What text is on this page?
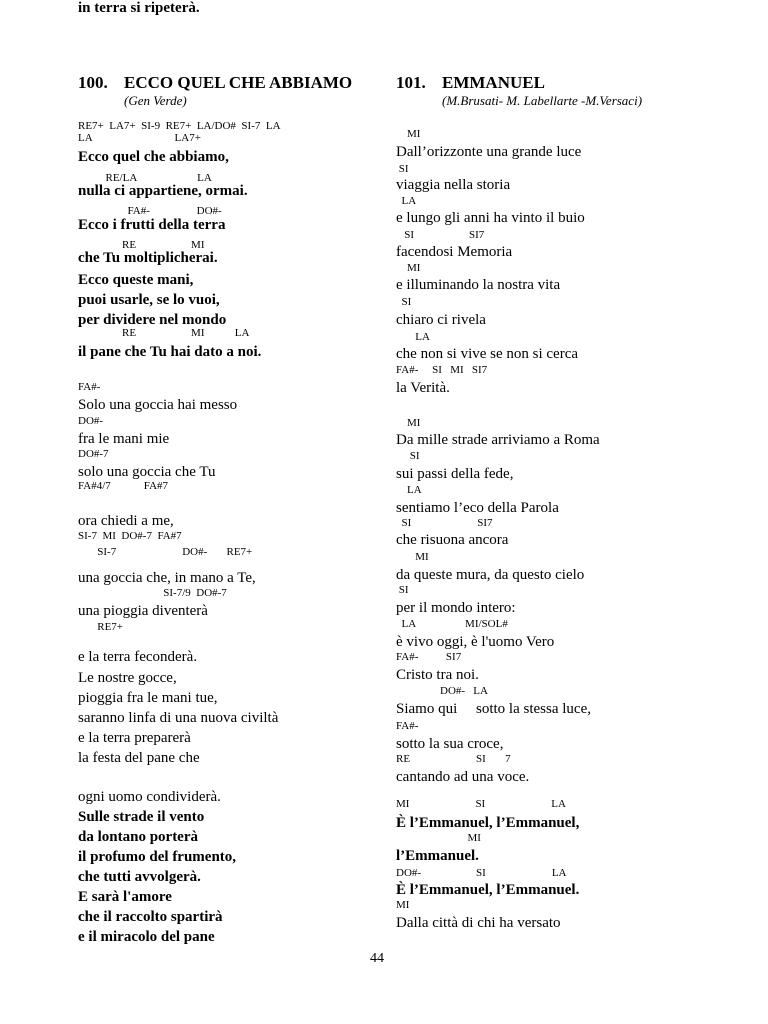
100. ECCO QUEL CHE ABBIAMO
(Gen Verde)
RE7+  LA7+  SI-9  RE7+  LA/DO#  SI-7  LA
LA                              LA7+
Ecco quel che abbiamo,
RE/LA                      LA
nulla ci appartiene, ormai.
FA#-                 DO#-
Ecco i frutti della terra
RE                    MI
che Tu moltiplicherai.
Ecco queste mani,
puoi usarle, se lo vuoi,
per dividere nel mondo
RE                    MI           LA
il pane che Tu hai dato a noi.
FA#-
Solo una goccia hai messo
DO#-
fra le mani mie
DO#-7
solo una goccia che Tu
FA#4/7            FA#7
ora chiedi a me,
SI-7  MI  DO#-7  FA#7
SI-7                        DO#-       RE7+
una goccia che, in mano a Te,
SI-7/9  DO#-7
una pioggia diventerà
RE7+
e la terra feconderà.
Le nostre gocce,
pioggia fra le mani tue,
saranno linfa di una nuova civiltà
e la terra preparerà
la festa del pane che
ogni uomo condividerà.
Sulle strade il vento
da lontano porterà
il profumo del frumento,
che tutti avvolgerà.
E sarà l'amore
che il raccolto spartirà
e il miracolo del pane
in terra si ripeterà.
101. EMMANUEL
(M.Brusati- M. Labellarte -M.Versaci)
MI
Dall’orizzonte una grande luce
SI
viaggia nella storia
LA
e lungo gli anni ha vinto il buio
SI                    SI7
facendosi Memoria
MI
e illuminando la nostra vita
SI
chiaro ci rivela
LA
che non si vive se non si cerca
FA#-     SI   MI   SI7
la Verità.
MI
Da mille strade arriviamo a Roma
SI
sui passi della fede,
LA
sentiamo l’eco della Parola
SI                        SI7
che risuona ancora
MI
da queste mura, da questo cielo
SI
per il mondo intero:
LA                  MI/SOL#
è vivo oggi, è l'uomo Vero
FA#-          SI7
Cristo tra noi.
DO#-   LA
Siamo qui     sotto la stessa luce,
FA#-
sotto la sua croce,
RE                        SI       7
cantando ad una voce.
MI                        SI                        LA
È l’Emmanuel, l’Emmanuel,
MI
l’Emmanuel.
DO#-                    SI                        LA
È l’Emmanuel, l’Emmanuel.
MI
Dalla città di chi ha versato
44
